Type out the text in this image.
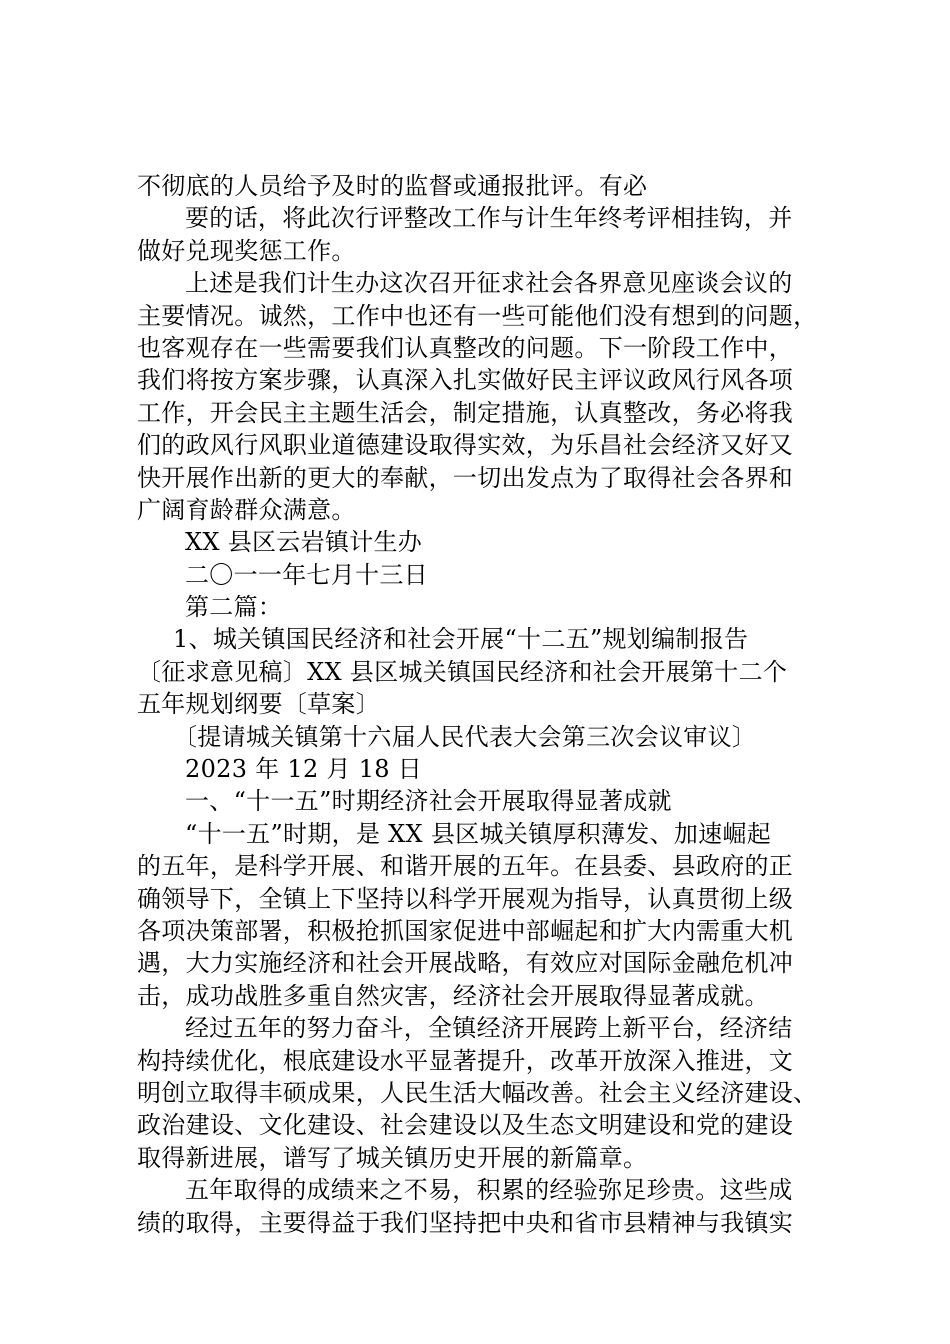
不彻底的人员给予及时的监督或通报批评。有必
要的话，将此次行评整改工作与计生年终考评相挂钩，并
做好兑现奖惩工作。
上述是我们计生办这次召开征求社会各界意见座谈会议的
主要情况。诚然，工作中也还有一些可能他们没有想到的问题，
也客观存在一些需要我们认真整改的问题。下一阶段工作中，
我们将按方案步骤，认真深入扎实做好民主评议政风行风各项
工作，开会民主主题生活会，制定措施，认真整改，务必将我
们的政风行风职业道德建设取得实效，为乐昌社会经济又好又
快开展作出新的更大的奉献，一切出发点为了取得社会各界和
广阔育龄群众满意。
XX 县区云岩镇计生办
二〇一一年七月十三日
第二篇：
1、城关镇国民经济和社会开展“十二五”规划编制报告
〔征求意见稿〕XX 县区城关镇国民经济和社会开展第十二个
五年规划纲要〔草案〕
〔提请城关镇第十六届人民代表大会第三次会议审议〕
2023 年 12 月 18 日
一、“十一五”时期经济社会开展取得显著成就
“十一五”时期，是 XX 县区城关镇厚积薄发、加速崛起
的五年，是科学开展、和谐开展的五年。在县委、县政府的正
确领导下，全镇上下坚持以科学开展观为指导，认真贯彻上级
各项决策部署，积极抢抓国家促进中部崛起和扩大内需重大机
遇，大力实施经济和社会开展战略，有效应对国际金融危机冲
击，成功战胜多重自然灾害，经济社会开展取得显著成就。
经过五年的努力奋斗，全镇经济开展跨上新平台，经济结
构持续优化，根底建设水平显著提升，改革开放深入推进，文
明创立取得丰硕成果，人民生活大幅改善。社会主义经济建设、
政治建设、文化建设、社会建设以及生态文明建设和党的建设
取得新进展，谱写了城关镇历史开展的新篇章。
五年取得的成绩来之不易，积累的经验弥足珍贵。这些成
绩的取得，主要得益于我们坚持把中央和省市县精神与我镇实
